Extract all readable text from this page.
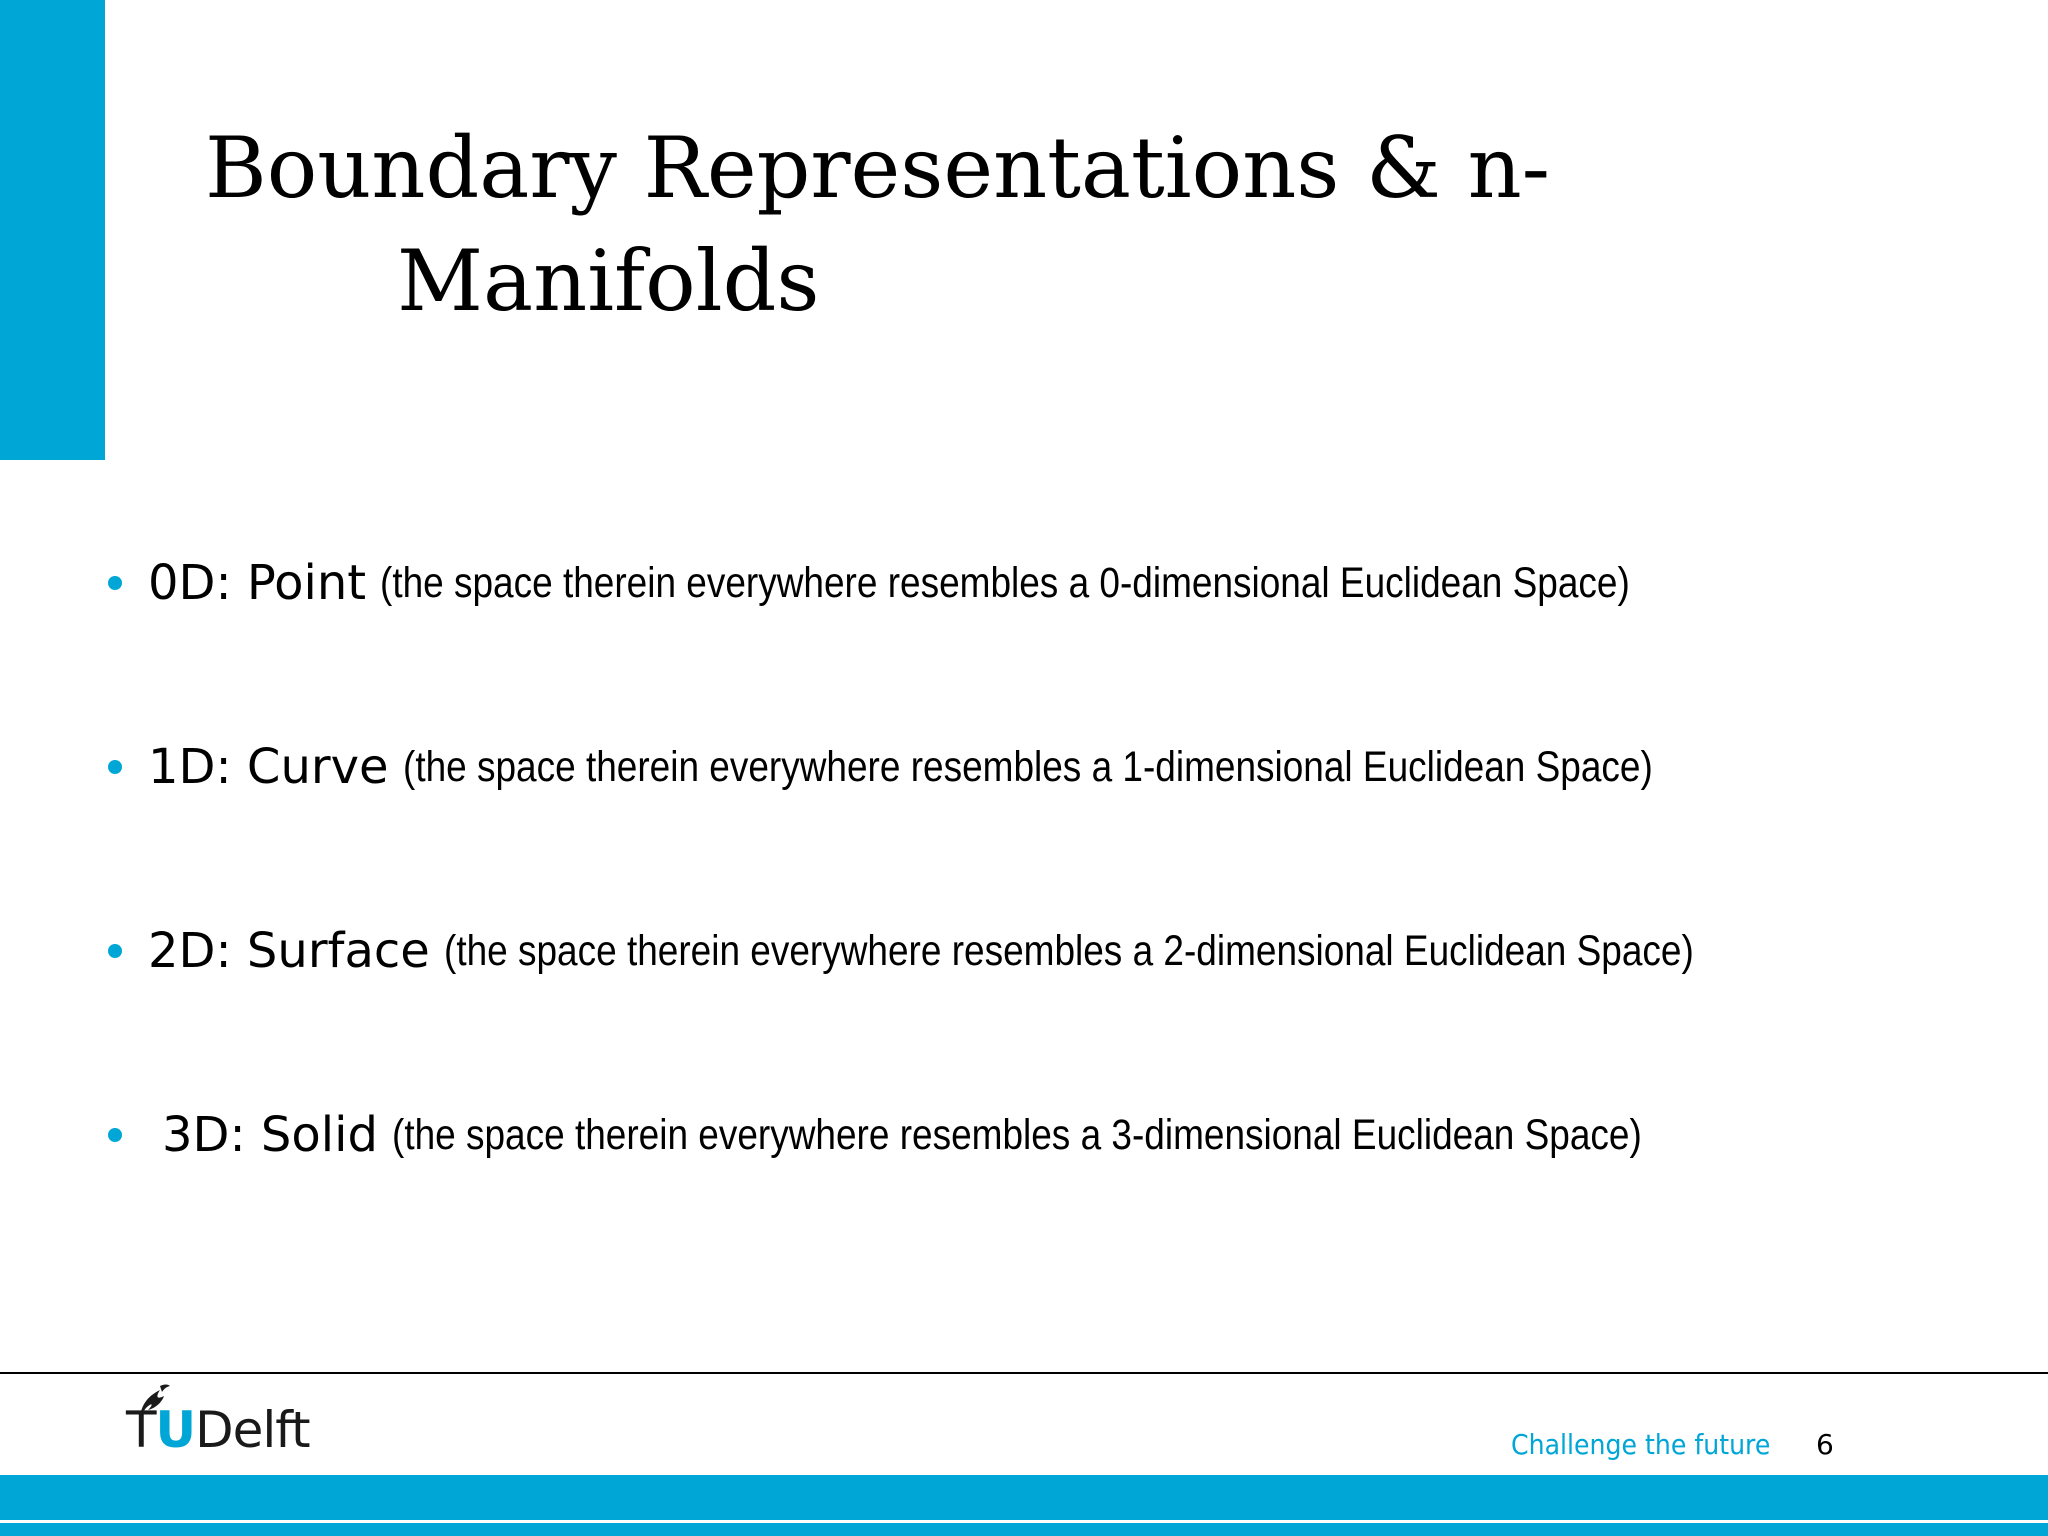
Boundary Representations & n-
Manifolds
0D: Point (the space therein everywhere resembles a 0-dimensional Euclidean Space)
1D: Curve (the space therein everywhere resembles a 1-dimensional Euclidean Space)
2D: Surface (the space therein everywhere resembles a 2-dimensional Euclidean Space)
3D: Solid (the space therein everywhere resembles a 3-dimensional Euclidean Space)
TUDelft	Challenge the future 6
